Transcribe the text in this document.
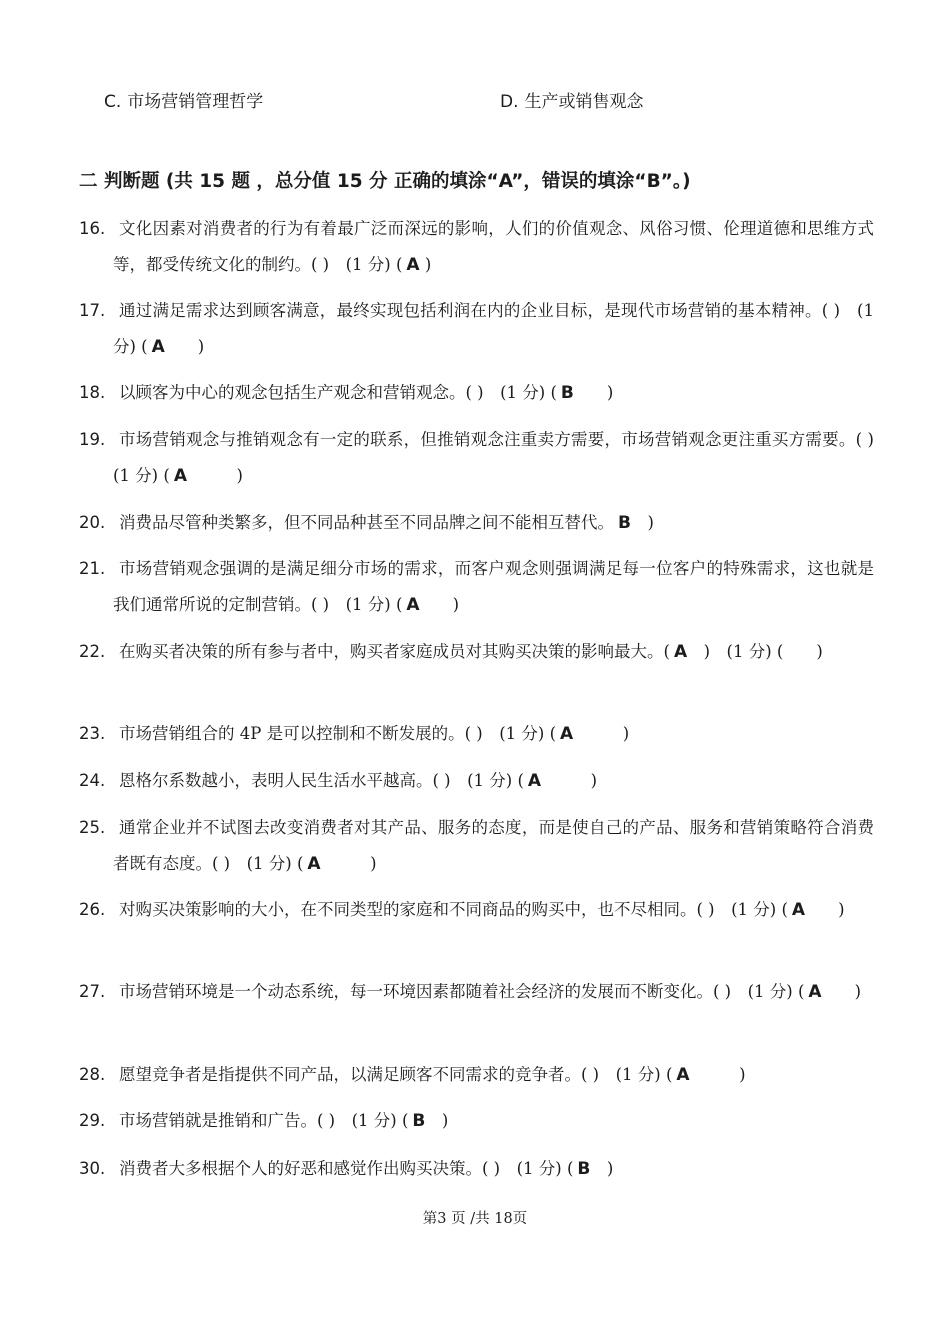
C. 市场营销管理哲学	D. 生产或销售观念
二 判断题 (共 15 题 ，总分值 15 分 正确的填涂“A”，错误的填涂“B”。)
16. 文化因素对消费者的行为有着最广泛而深远的影响，人们的价值观念、风俗习惯、伦理道德和思维方式等，都受传统文化的制约。( )　(1 分) ( A )
17. 通过满足需求达到顾客满意，最终实现包括利润在内的企业目标，是现代市场营销的基本精神。( )　(1 分) ( A　　)
18. 以顾客为中心的观念包括生产观念和营销观念。( )　(1 分) ( B　　)
19. 市场营销观念与推销观念有一定的联系，但推销观念注重卖方需要，市场营销观念更注重买方需要。( )　(1 分) ( A　　　)
20. 消费品尽管种类繁多，但不同品种甚至不同品牌之间不能相互替代。 B　)
21. 市场营销观念强调的是满足细分市场的需求，而客户观念则强调满足每一位客户的特殊需求，这也就是我们通常所说的定制营销。( )　(1 分) ( A　　)
22. 在购买者决策的所有参与者中，购买者家庭成员对其购买决策的影响最大。( A　)　(1 分) (　　)
23. 市场营销组合的 4P 是可以控制和不断发展的。( )　(1 分) ( A　　　)
24. 恩格尔系数越小，表明人民生活水平越高。( )　(1 分) ( A　　　)
25. 通常企业并不试图去改变消费者对其产品、服务的态度，而是使自己的产品、服务和营销策略符合消费者既有态度。( )　(1 分) ( A　　　)
26. 对购买决策影响的大小，在不同类型的家庭和不同商品的购买中，也不尽相同。( )　(1 分) ( A　　)
27. 市场营销环境是一个动态系统，每一环境因素都随着社会经济的发展而不断变化。( )　(1 分) ( A　　)
28. 愿望竞争者是指提供不同产品，以满足顾客不同需求的竞争者。( )　(1 分) ( A　　　)
29. 市场营销就是推销和广告。( )　(1 分) ( B　)
30. 消费者大多根据个人的好恶和感觉作出购买决策。( )　(1 分) ( B　)
第3 页 /共 18页
